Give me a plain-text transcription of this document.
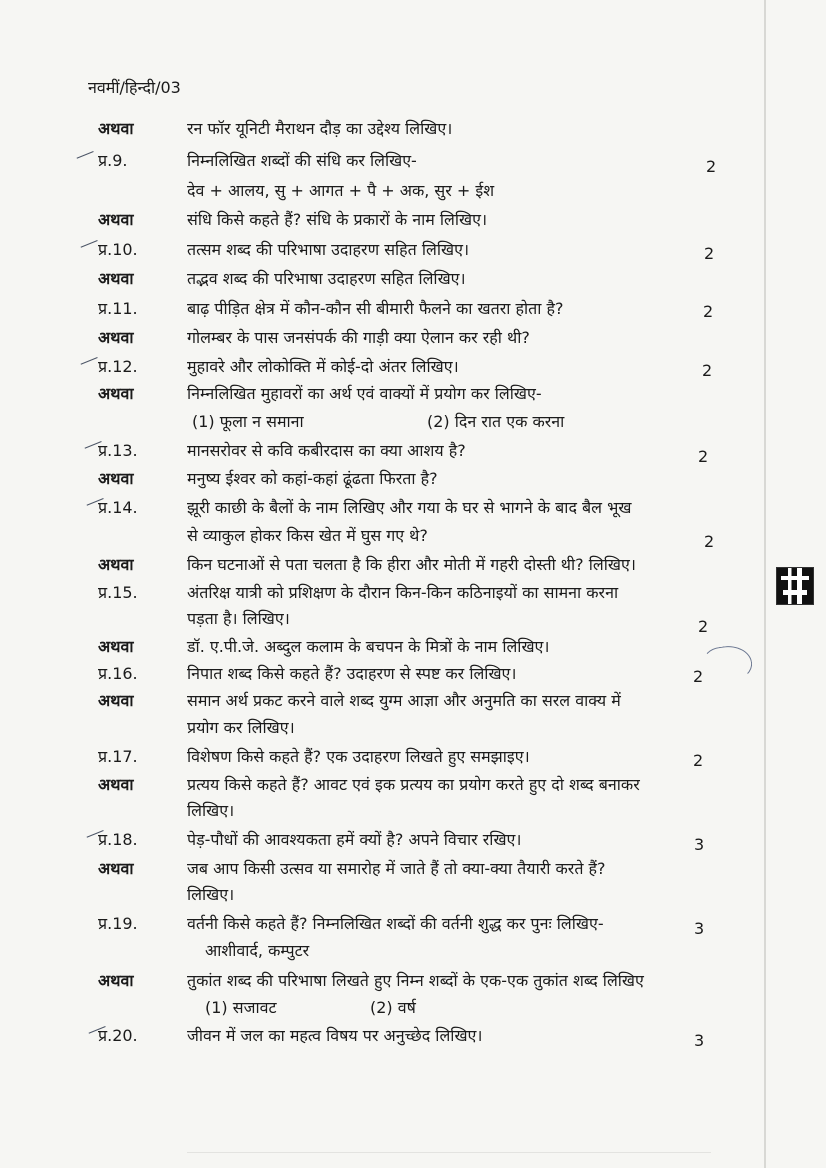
नवमीं/हिन्दी/03
अथवा	रन फॉर यूनिटी मैराथन दौड़ का उद्देश्य लिखिए।
प्र.9.	निम्नलिखित शब्दों की संधि कर लिखिए-	2
देव + आलय, सु + आगत + पै + अक, सुर + ईश
अथवा	संधि किसे कहते हैं? संधि के प्रकारों के नाम लिखिए।
प्र.10.	तत्सम शब्द की परिभाषा उदाहरण सहित लिखिए।	2
अथवा	तद्भव शब्द की परिभाषा उदाहरण सहित लिखिए।
प्र.11.	बाढ़ पीड़ित क्षेत्र में कौन-कौन सी बीमारी फैलने का खतरा होता है?	2
अथवा	गोलम्बर के पास जनसंपर्क की गाड़ी क्या ऐलान कर रही थी?
प्र.12.	मुहावरे और लोकोक्ति में कोई-दो अंतर लिखिए।	2
अथवा	निम्नलिखित मुहावरों का अर्थ एवं वाक्यों में प्रयोग कर लिखिए-
(1) फूला न समाना	(2) दिन रात एक करना
प्र.13.	मानसरोवर से कवि कबीरदास का क्या आशय है?	2
अथवा	मनुष्य ईश्वर को कहां-कहां ढूंढता फिरता है?
प्र.14.	झूरी काछी के बैलों के नाम लिखिए और गया के घर से भागने के बाद बैल भूख
से व्याकुल होकर किस खेत में घुस गए थे?	2
अथवा	किन घटनाओं से पता चलता है कि हीरा और मोती में गहरी दोस्ती थी? लिखिए।
प्र.15.	अंतरिक्ष यात्री को प्रशिक्षण के दौरान किन-किन कठिनाइयों का सामना करना
पड़ता है। लिखिए।	2
अथवा	डॉ. ए.पी.जे. अब्दुल कलाम के बचपन के मित्रों के नाम लिखिए।
प्र.16.	निपात शब्द किसे कहते हैं? उदाहरण से स्पष्ट कर लिखिए।	2
अथवा	समान अर्थ प्रकट करने वाले शब्द युग्म आज्ञा और अनुमति का सरल वाक्य में
प्रयोग कर लिखिए।
प्र.17.	विशेषण किसे कहते हैं? एक उदाहरण लिखते हुए समझाइए।	2
अथवा	प्रत्यय किसे कहते हैं? आवट एवं इक प्रत्यय का प्रयोग करते हुए दो शब्द बनाकर
लिखिए।
प्र.18.	पेड़-पौधों की आवश्यकता हमें क्यों है? अपने विचार रखिए।	3
अथवा	जब आप किसी उत्सव या समारोह में जाते हैं तो क्या-क्या तैयारी करते हैं?
लिखिए।
प्र.19.	वर्तनी किसे कहते हैं? निम्नलिखित शब्दों की वर्तनी शुद्ध कर पुनः लिखिए-	3
आशीवार्द, कम्पुटर
अथवा	तुकांत शब्द की परिभाषा लिखते हुए निम्न शब्दों के एक-एक तुकांत शब्द लिखिए
(1) सजावट	(2) वर्ष
प्र.20.	जीवन में जल का महत्व विषय पर अनुच्छेद लिखिए।	3
